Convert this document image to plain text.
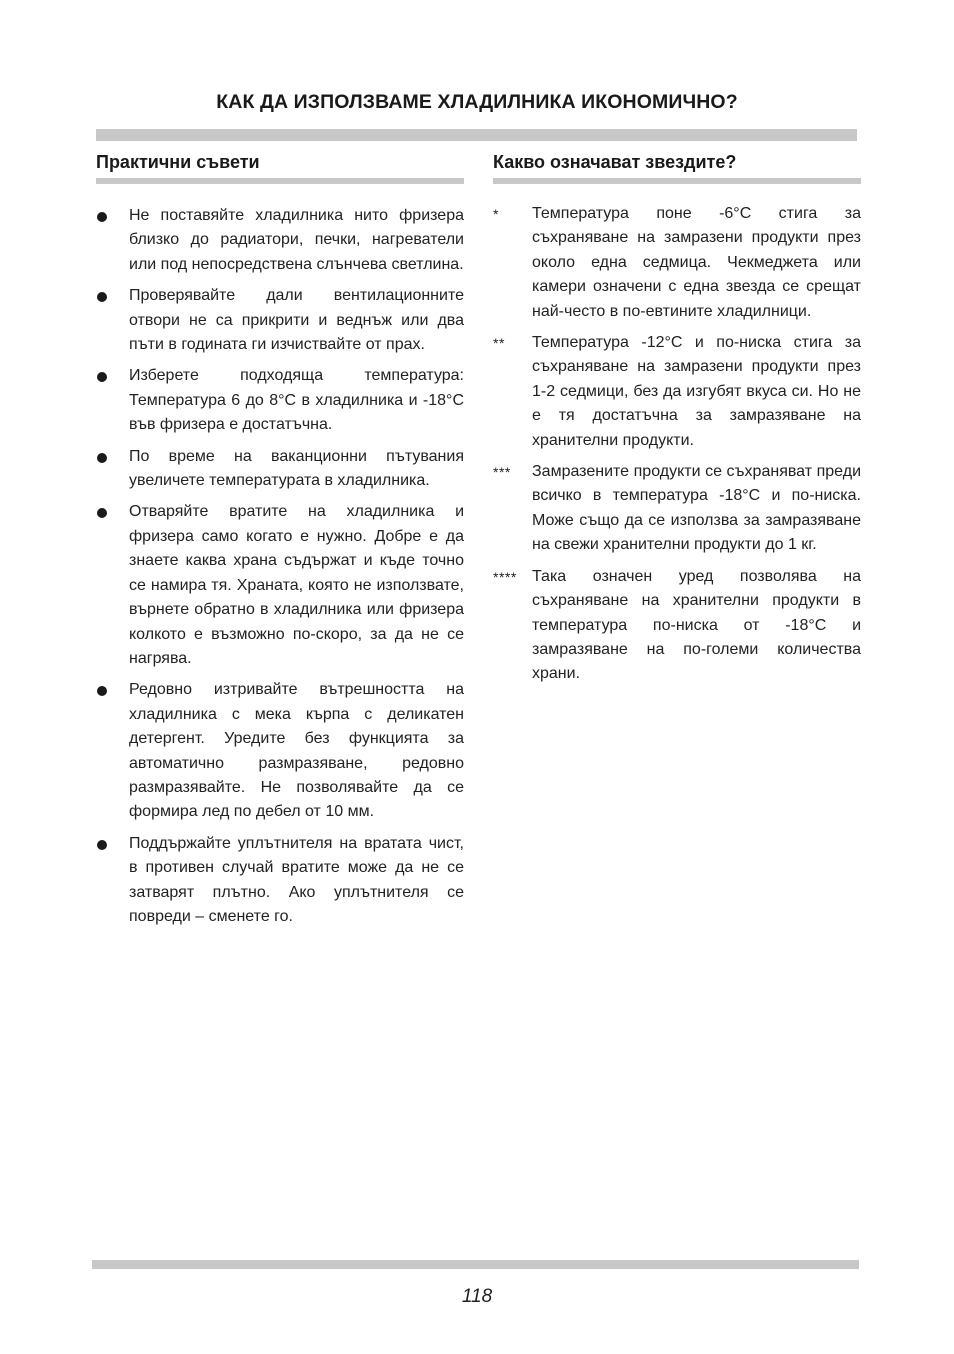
КАК ДА ИЗПОЛЗВАМЕ ХЛАДИЛНИКА ИКОНОМИЧНО?
Практични съвети
Не поставяйте хладилника нито фризера близко до радиатори, печки, нагреватели или под непосредствена слънчева светлина.
Проверявайте дали вентилационните отвори не са прикрити и веднъж или два пъти в годината ги изчиствайте от прах.
Изберете подходяща температура: Температура 6 до 8°C в хладилника и -18°C във фризера е достатъчна.
По време на ваканционни пътувания увеличете температурата в хладилника.
Отваряйте вратите на хладилника и фризера само когато е нужно. Добре е да знаете каква храна съдържат и къде точно се намира тя. Храната, която не използвате, върнете обратно в хладилника или фризера колкото е възможно по-скоро, за да не се нагрява.
Редовно изтривайте вътрешността на хладилника с мека кърпа с деликатен детергент. Уредите без функцията за автоматично размразяване, редовно размразявайте. Не позволявайте да се формира лед по дебел от 10 мм.
Поддържайте уплътнителя на вратата чист, в противен случай вратите може да не се затварят плътно. Ако уплътнителя се повреди – сменете го.
Какво означават звездите?
* Температура поне -6°C стига за съхраняване на замразени продукти през около една седмица. Чекмеджета или камери означени с една звезда се срещат най-често в по-евтините хладилници.
** Температура -12°C и по-ниска стига за съхраняване на замразени продукти през 1-2 седмици, без да изгубят вкуса си. Но не е тя достатъчна за замразяване на хранителни продукти.
*** Замразените продукти се съхраняват преди всичко в температура -18°C и по-ниска. Може също да се използва за замразяване на свежи хранителни продукти до 1 кг.
**** Така означен уред позволява на съхраняване на хранителни продукти в температура по-ниска от -18°C и замразяване на по-големи количества храни.
118
